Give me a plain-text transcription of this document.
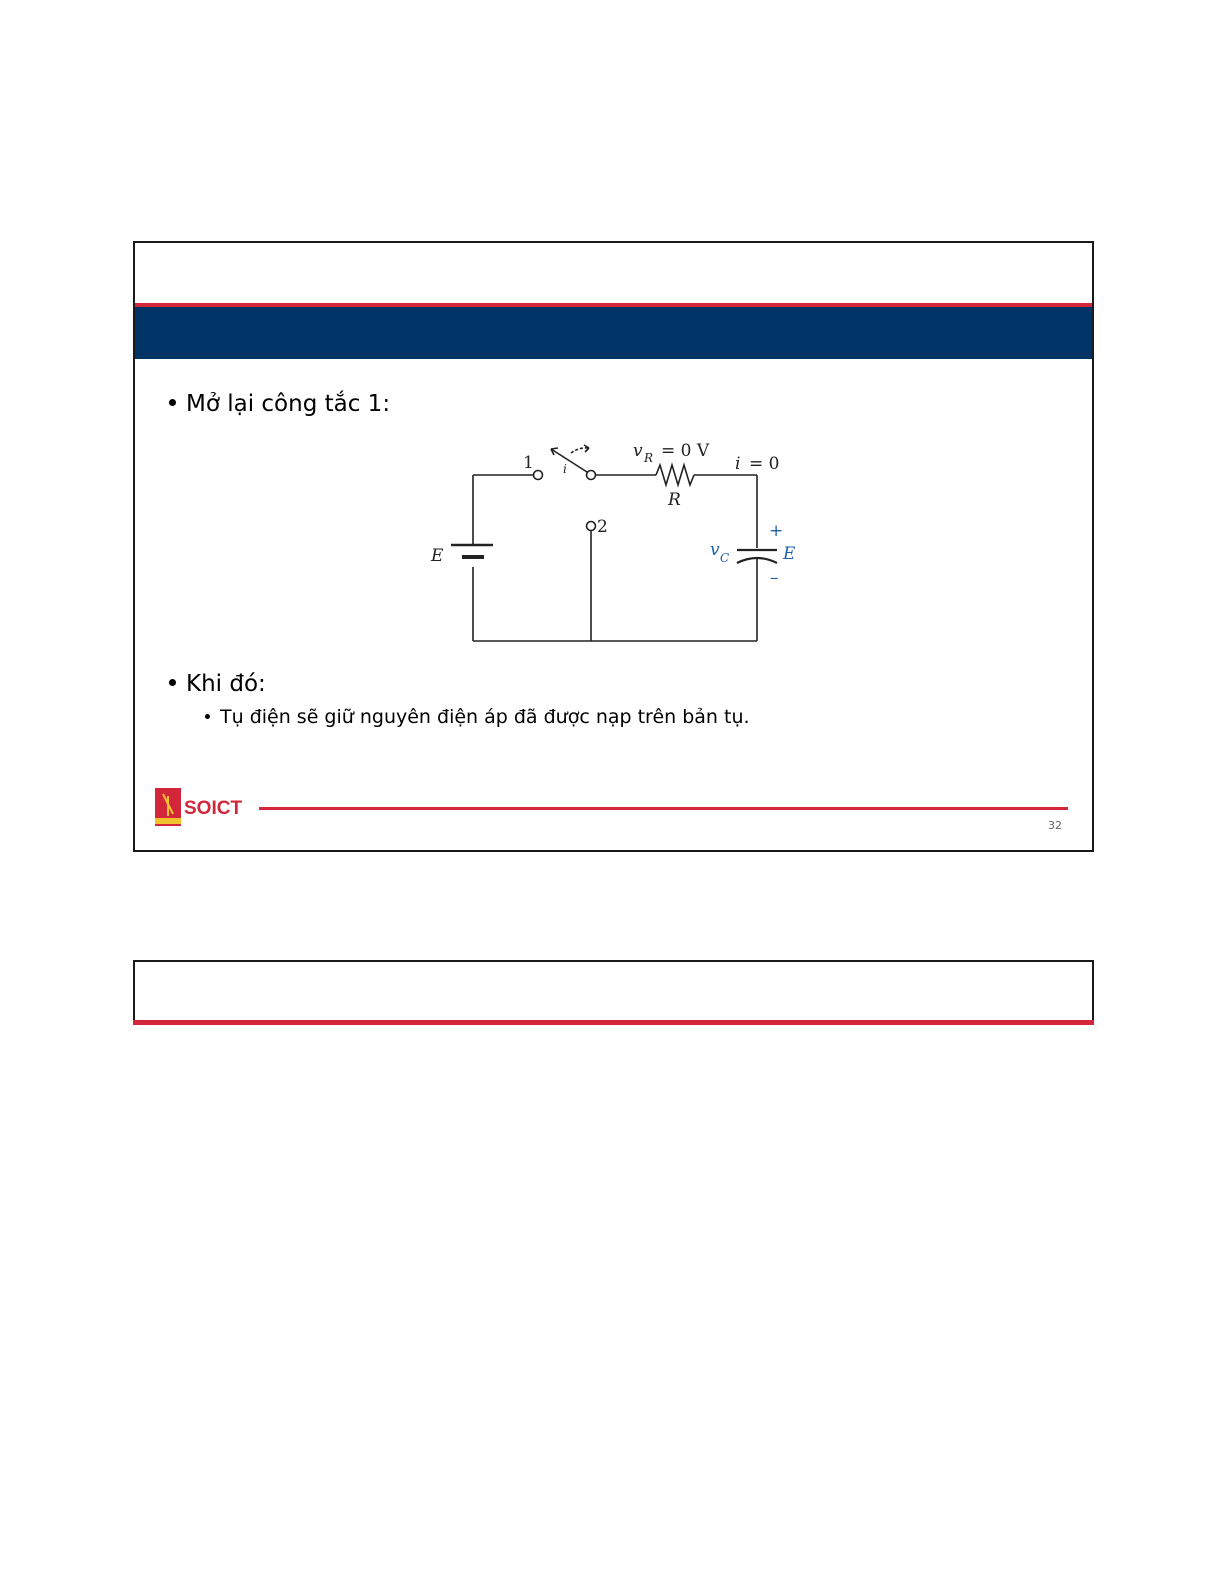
Mở lại công tắc 1:
1
2
i
v R = 0 V
R
i = 0
E	v C
+
E
–
Khi đó:
Tụ điện sẽ giữ nguyên điện áp đã được nạp trên bản tụ.
SOICT
32
